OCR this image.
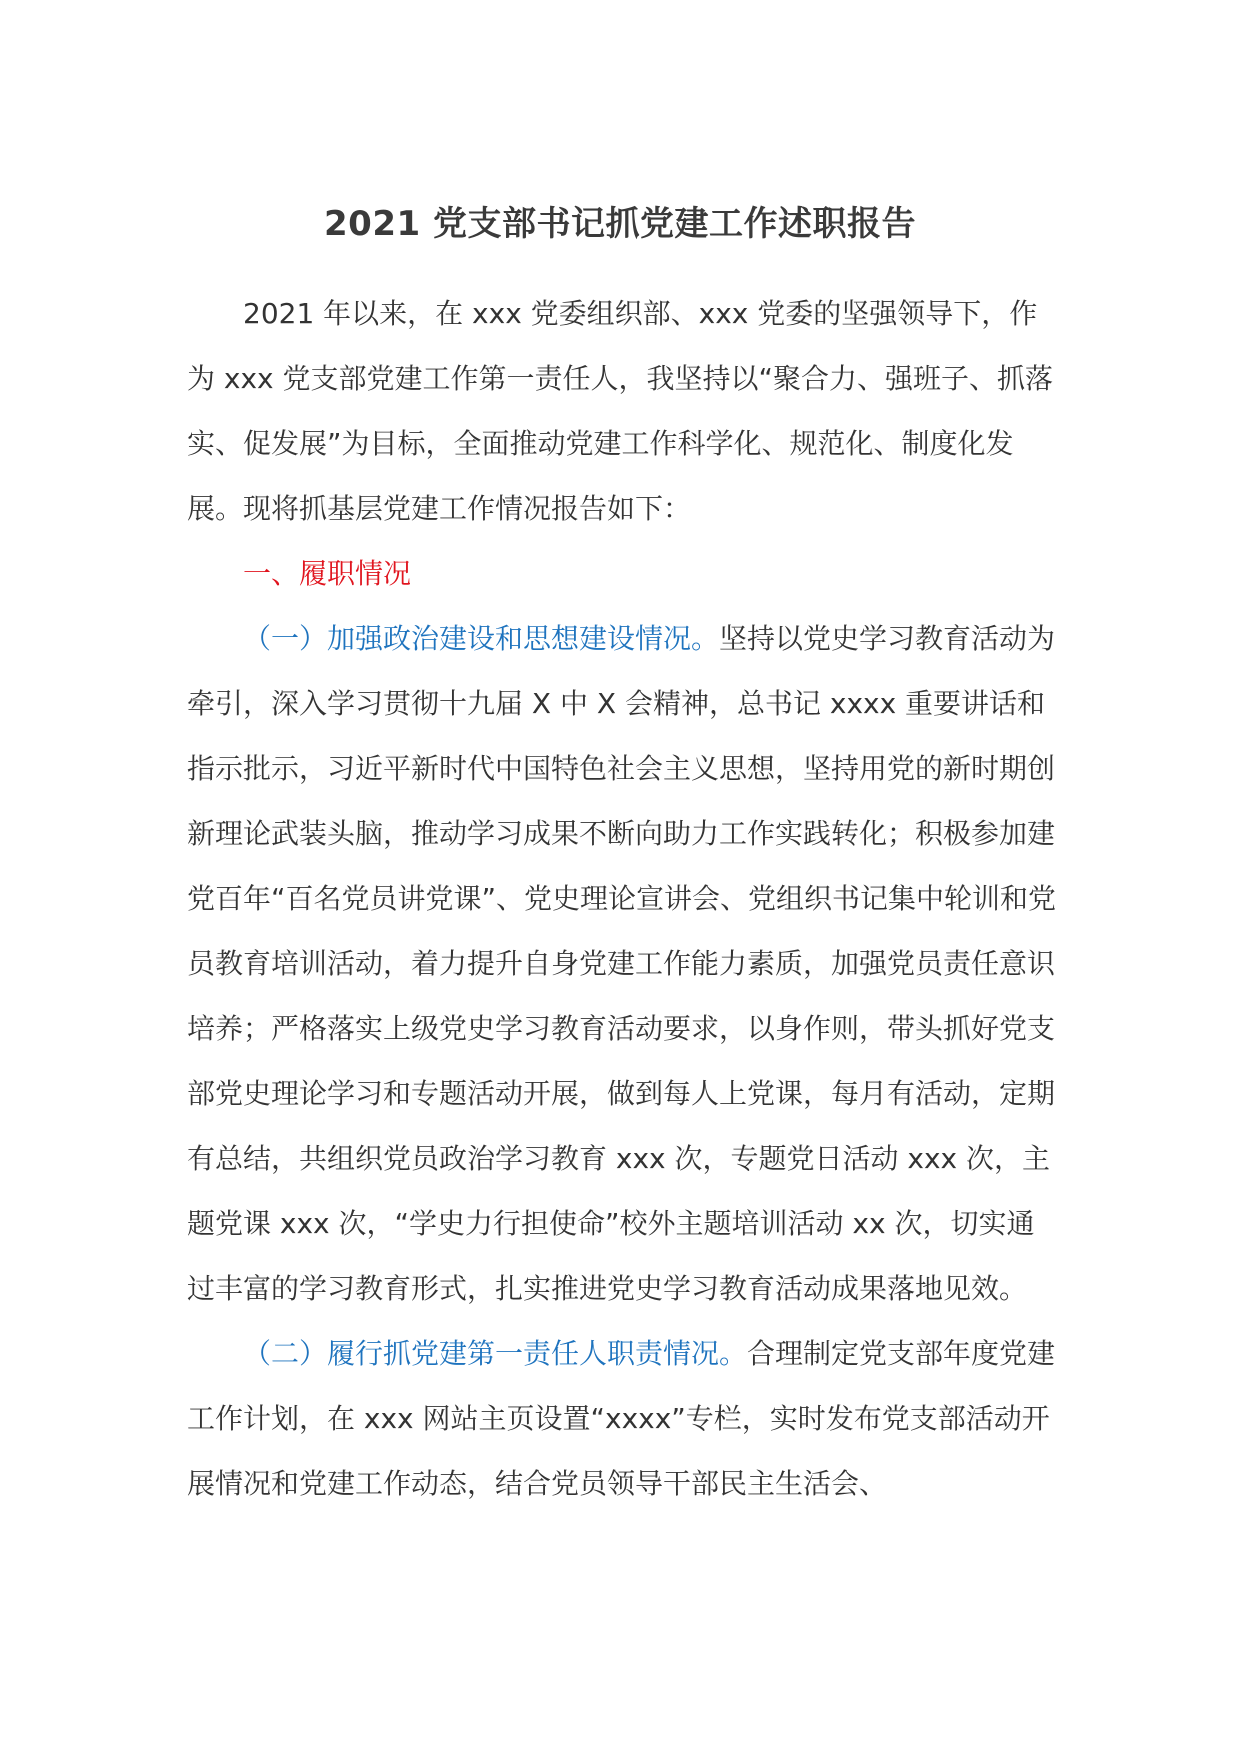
2021 党支部书记抓党建工作述职报告

2021 年以来，在 xxx 党委组织部、xxx 党委的坚强领导下，作为 xxx 党支部党建工作第一责任人，我坚持以“聚合力、强班子、抓落实、促发展”为目标，全面推动党建工作科学化、规范化、制度化发展。现将抓基层党建工作情况报告如下：

一、履职情况

（一）加强政治建设和思想建设情况。坚持以党史学习教育活动为牵引，深入学习贯彻十九届 X 中 X 会精神，总书记 xxxx 重要讲话和指示批示，习近平新时代中国特色社会主义思想，坚持用党的新时期创新理论武装头脑，推动学习成果不断向助力工作实践转化；积极参加建党百年“百名党员讲党课”、党史理论宣讲会、党组织书记集中轮训和党员教育培训活动，着力提升自身党建工作能力素质，加强党员责任意识培养；严格落实上级党史学习教育活动要求，以身作则，带头抓好党支部党史理论学习和专题活动开展，做到每人上党课，每月有活动，定期有总结，共组织党员政治学习教育 xxx 次，专题党日活动 xxx 次，主题党课 xxx 次，“学史力行担使命”校外主题培训活动 xx 次，切实通过丰富的学习教育形式，扎实推进党史学习教育活动成果落地见效。

（二）履行抓党建第一责任人职责情况。合理制定党支部年度党建工作计划，在 xxx 网站主页设置“xxxx”专栏，实时发布党支部活动开展情况和党建工作动态，结合党员领导干部民主生活会、
